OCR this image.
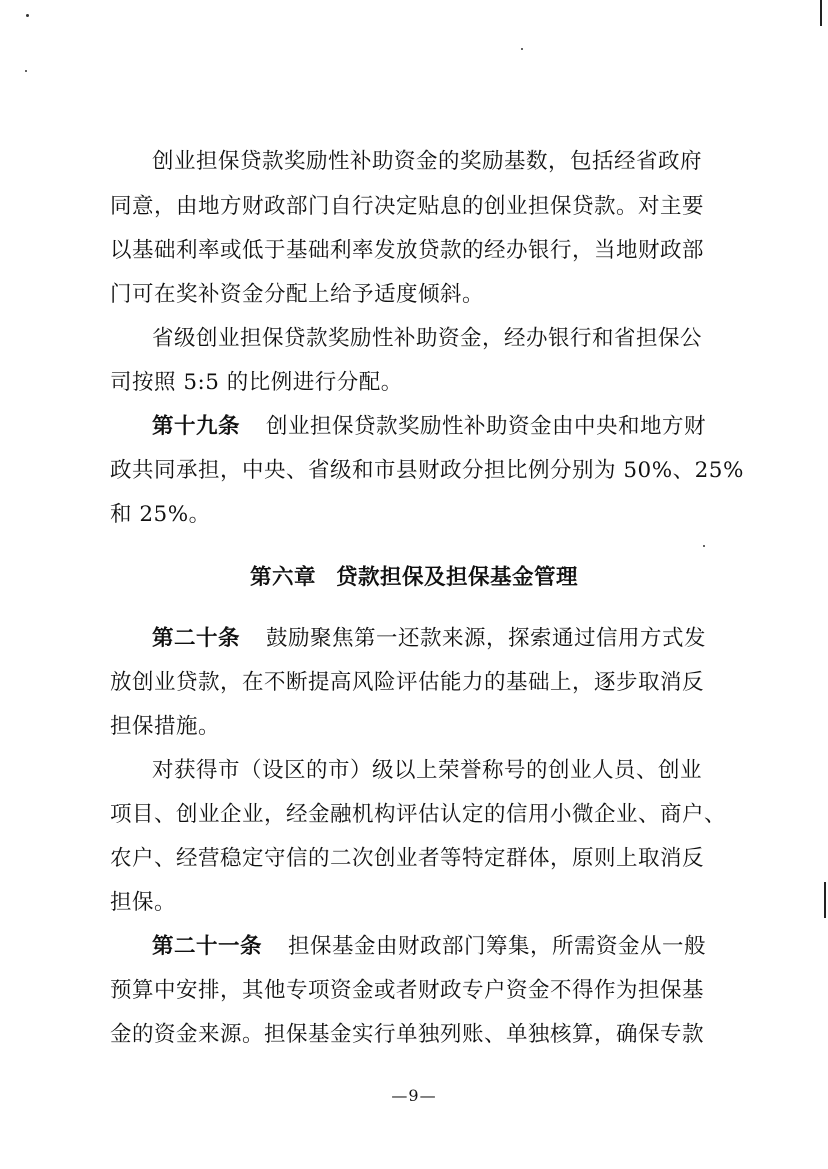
创业担保贷款奖励性补助资金的奖励基数，包括经省政府
同意，由地方财政部门自行决定贴息的创业担保贷款。对主要
以基础利率或低于基础利率发放贷款的经办银行，当地财政部
门可在奖补资金分配上给予适度倾斜。
省级创业担保贷款奖励性补助资金，经办银行和省担保公
司按照 5:5 的比例进行分配。
第十九条 创业担保贷款奖励性补助资金由中央和地方财
政共同承担，中央、省级和市县财政分担比例分别为 50%、25%
和 25%。
第六章 贷款担保及担保基金管理
第二十条 鼓励聚焦第一还款来源，探索通过信用方式发
放创业贷款，在不断提高风险评估能力的基础上，逐步取消反
担保措施。
对获得市（设区的市）级以上荣誉称号的创业人员、创业
项目、创业企业，经金融机构评估认定的信用小微企业、商户、
农户、经营稳定守信的二次创业者等特定群体，原则上取消反
担保。
第二十一条 担保基金由财政部门筹集，所需资金从一般
预算中安排，其他专项资金或者财政专户资金不得作为担保基
金的资金来源。担保基金实行单独列账、单独核算，确保专款
—9—
